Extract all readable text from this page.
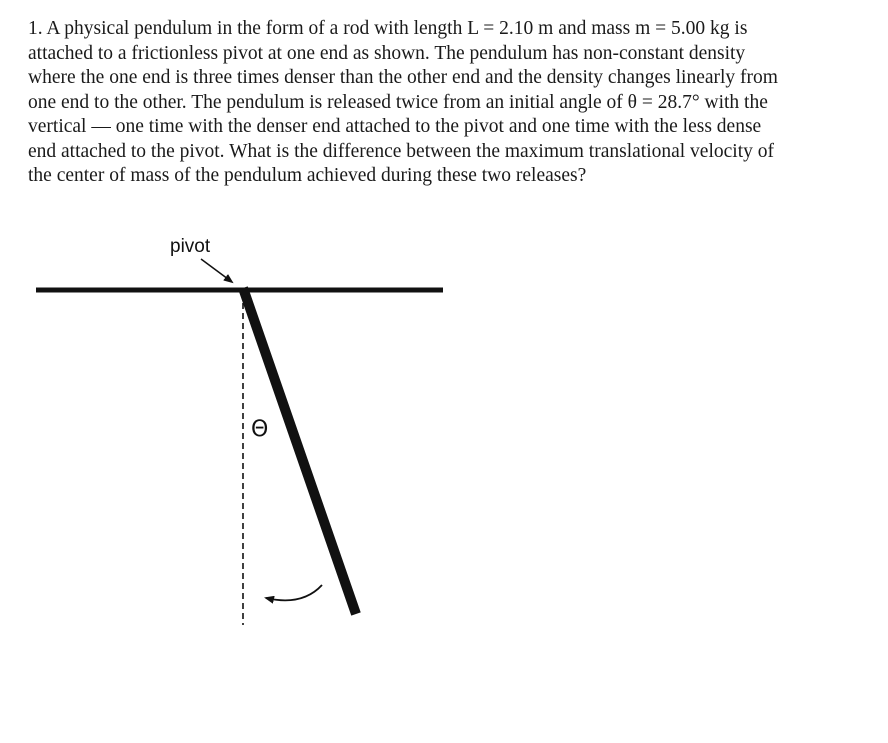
1. A physical pendulum in the form of a rod with length L = 2.10 m and mass m = 5.00 kg is
attached to a frictionless pivot at one end as shown. The pendulum has non-constant density
where the one end is three times denser than the other end and the density changes linearly from
one end to the other. The pendulum is released twice from an initial angle of θ = 28.7° with the
vertical — one time with the denser end attached to the pivot and one time with the less dense
end attached to the pivot. What is the difference between the maximum translational velocity of
the center of mass of the pendulum achieved during these two releases?
pivot
Θ
